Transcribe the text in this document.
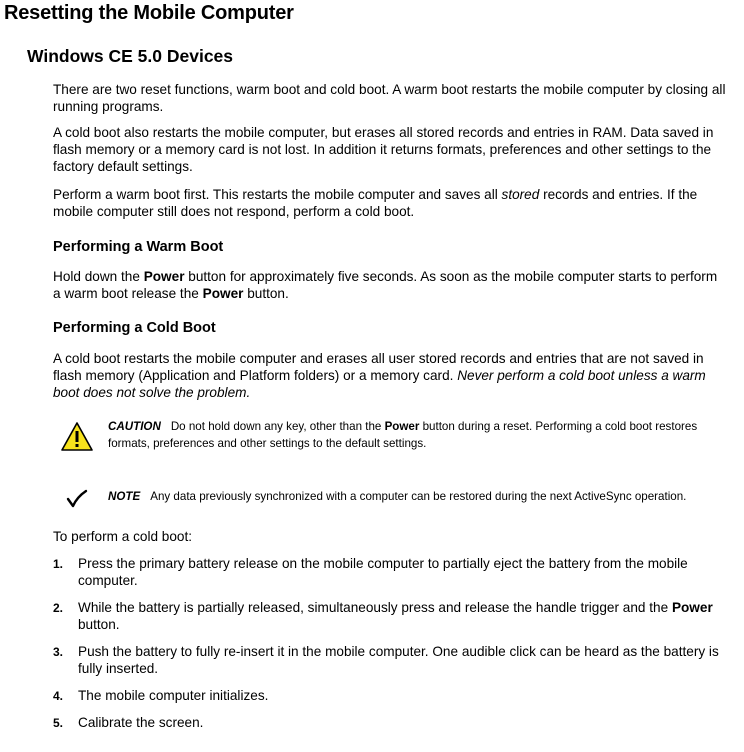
Resetting the Mobile Computer
Windows CE 5.0 Devices

There are two reset functions, warm boot and cold boot. A warm boot restarts the mobile computer by closing all running programs.

A cold boot also restarts the mobile computer, but erases all stored records and entries in RAM. Data saved in flash memory or a memory card is not lost. In addition it returns formats, preferences and other settings to the factory default settings.

Perform a warm boot first. This restarts the mobile computer and saves all stored records and entries. If the mobile computer still does not respond, perform a cold boot.

Performing a Warm Boot

Hold down the Power button for approximately five seconds. As soon as the mobile computer starts to perform a warm boot release the Power button.

Performing a Cold Boot

A cold boot restarts the mobile computer and erases all user stored records and entries that are not saved in flash memory (Application and Platform folders) or a memory card. Never perform a cold boot unless a warm boot does not solve the problem.

CAUTION Do not hold down any key, other than the Power button during a reset. Performing a cold boot restores formats, preferences and other settings to the default settings.

NOTE Any data previously synchronized with a computer can be restored during the next ActiveSync operation.

To perform a cold boot:

1. Press the primary battery release on the mobile computer to partially eject the battery from the mobile computer.
2. While the battery is partially released, simultaneously press and release the handle trigger and the Power button.
3. Push the battery to fully re-insert it in the mobile computer. One audible click can be heard as the battery is fully inserted.
4. The mobile computer initializes.
5. Calibrate the screen.
